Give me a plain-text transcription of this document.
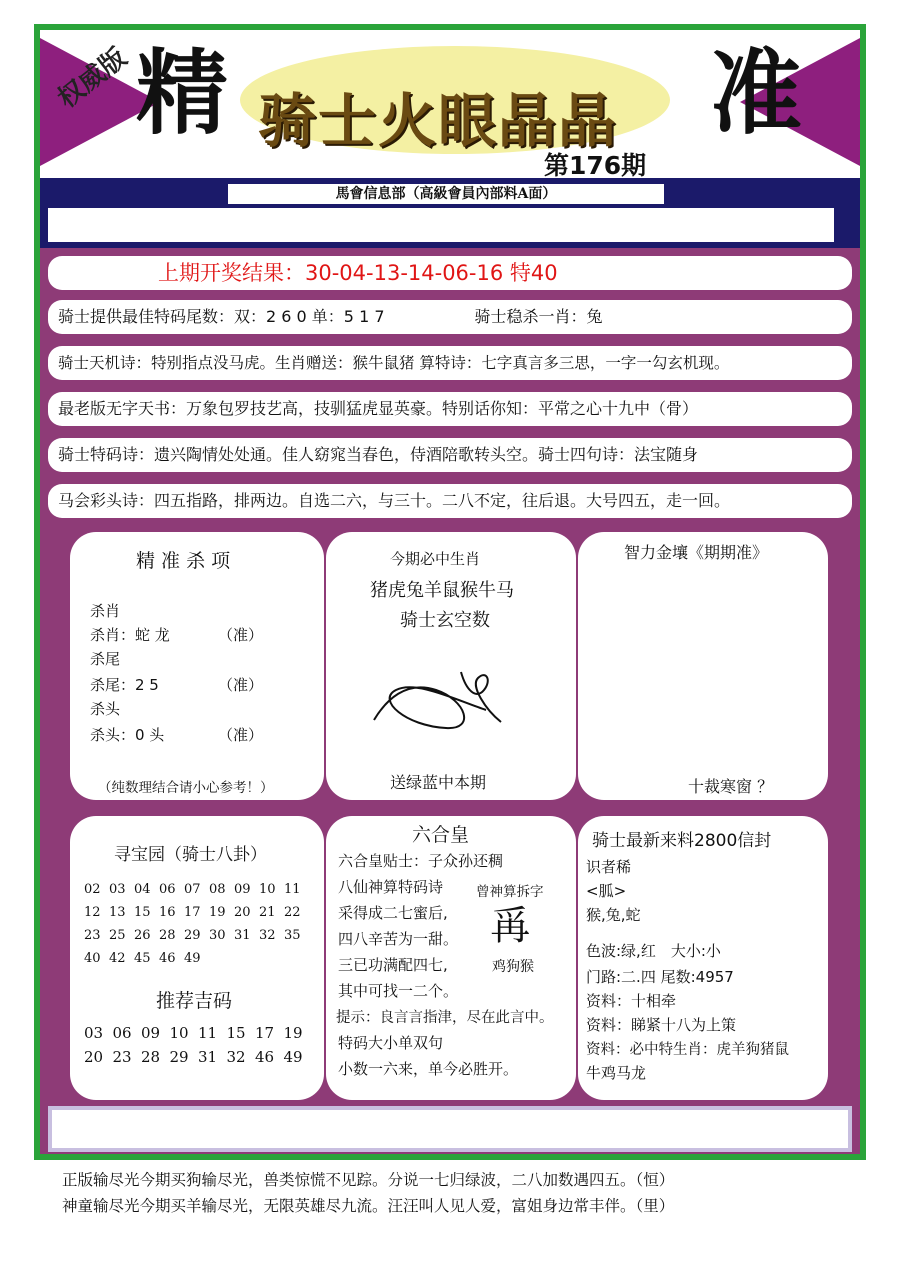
权威版 精 骑士火眼晶晶 准
第176期
馬會信息部（高級會員內部料A面）
上期开奖结果：30-04-13-14-06-16 特40
骑士提供最佳特码尾数：双：2 6 0 单：5 1 7	骑士稳杀一肖：兔
骑士天机诗：特别指点没马虎。生肖赠送：猴牛鼠猪 算特诗：七字真言多三思，一字一勾玄机现。
最老版无字天书：万象包罗技艺高，技驯猛虎显英豪。特别话你知：平常之心十九中（骨）
骑士特码诗：遗兴陶情处处通。佳人窈窕当春色，侍酒陪歌转头空。骑士四句诗：法宝随身
马会彩头诗：四五指路，排两边。自选二六，与三十。二八不定，往后退。大号四五，走一回。
精 准 杀 项
杀肖
杀肖：蛇 龙	（准）
杀尾
杀尾：2 5	（准）
杀头
杀头：0 头	（准）
（纯数理结合请小心参考！）
今期必中生肖
猪虎兔羊鼠猴牛马
骑士玄空数
送绿蓝中本期
智力金壤《期期准》
十裁寒窗 ？
寻宝园（骑士八卦）
02 03 04 06 07 08 09 10 11
12 13 15 16 17 19 20 21 22
23 25 26 28 29 30 31 32 35
40 42 45 46 49
推荐吉码
03 06 09 10 11 15 17 19
20 23 28 29 31 32 46 49
六合皇
六合皇贴士：子众孙还稠
八仙神算特码诗
采得成二七蜜后,
四八辛苦为一甜。
三已功满配四七,
其中可找一二个。
提示：良言言指津，尽在此言中。
特码大小单双句
小数一六来，单今必胜开。
曾神算拆字
爯
鸡狗猴
骑士最新来料2800信封
识者稀
<胍>
猴,兔,蛇
色波:绿,红　大小:小
门路:二.四 尾数:4957
资料：十相牵
资料：睇紧十八为上策
资料：必中特生肖：虎羊狗猪鼠
牛鸡马龙
正版输尽光今期买狗输尽光，兽类惊慌不见踪。分说一七归绿波，二八加数遇四五。（恒）
神童输尽光今期买羊输尽光，无限英雄尽九流。汪汪叫人见人爱，富姐身边常丰伴。（里）
